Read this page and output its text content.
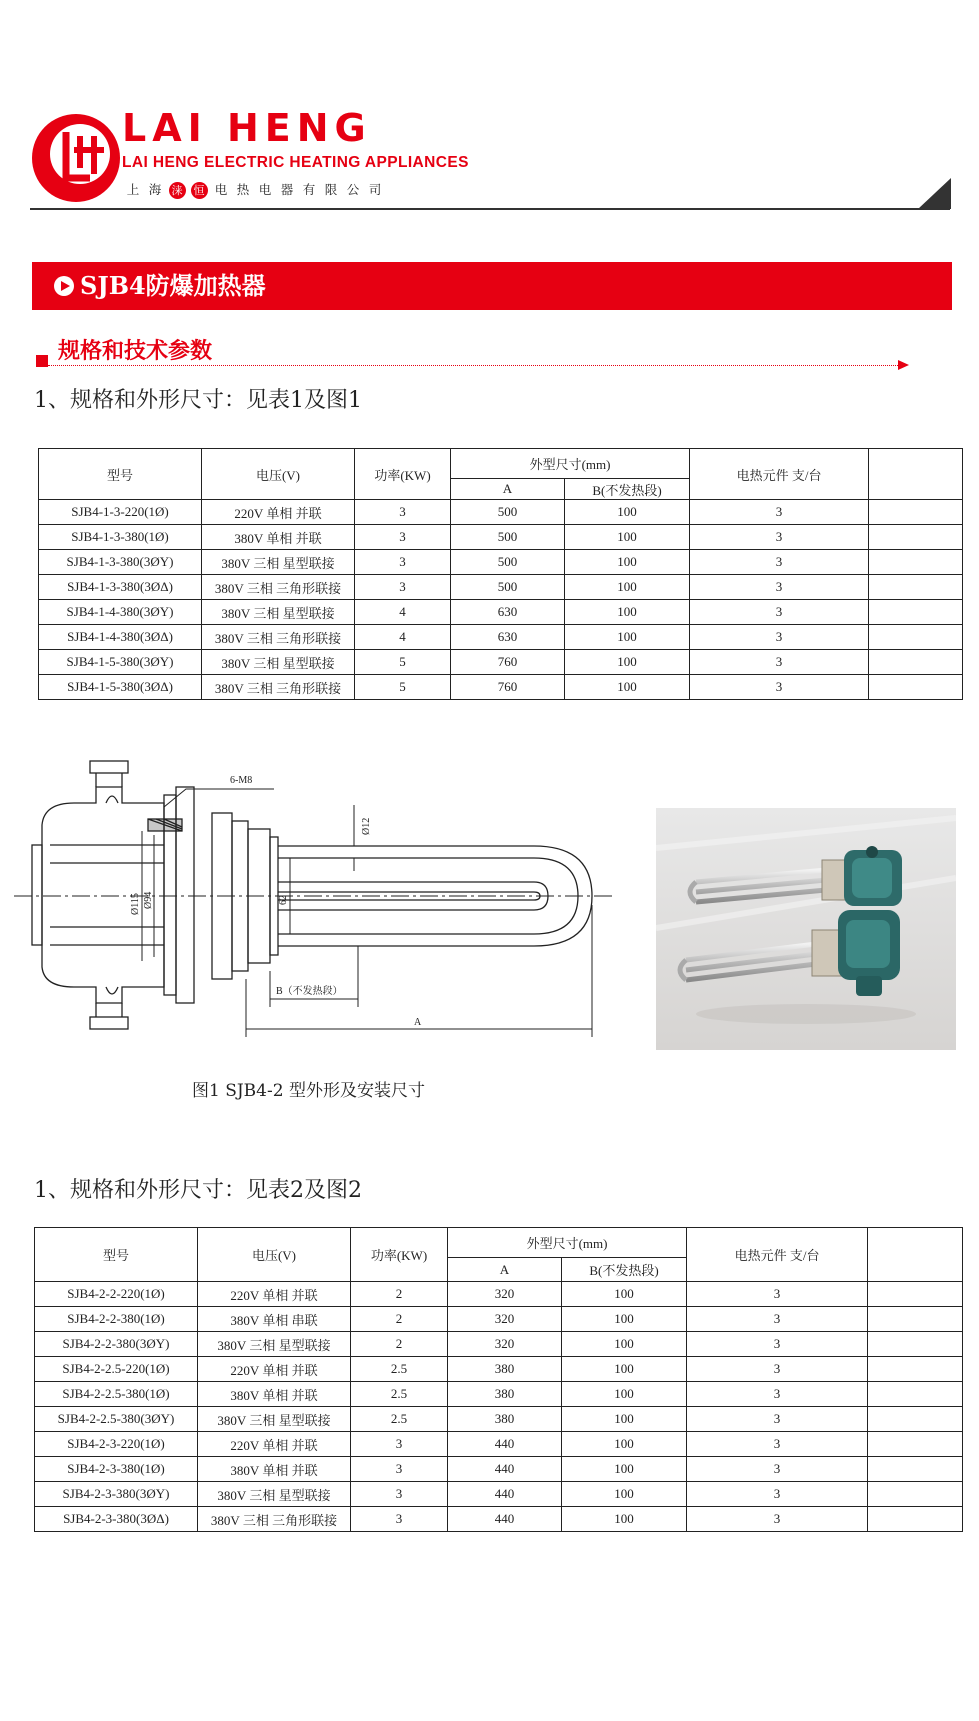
LAI HENG
LAI HENG ELECTRIC HEATING APPLIANCES
上 海 涞 恒 电 热 电 器 有 限 公 司
SJB4防爆加热器
规格和技术参数
1、规格和外形尺寸：见表1及图1
型号	电压(V)	功率(KW)	外型尺寸(mm)		电热元件 支/台	
			A	B(不发热段)		
SJB4-1-3-220(1Ø)	220V 单相 并联	3	500	100	3	
SJB4-1-3-380(1Ø)	380V 单相 并联	3	500	100	3	
SJB4-1-3-380(3ØY)	380V 三相 星型联接	3	500	100	3	
SJB4-1-3-380(3ØΔ)	380V 三相 三角形联接	3	500	100	3	
SJB4-1-4-380(3ØY)	380V 三相 星型联接	4	630	100	3	
SJB4-1-4-380(3ØΔ)	380V 三相 三角形联接	4	630	100	3	
SJB4-1-5-380(3ØY)	380V 三相 星型联接	5	760	100	3	
SJB4-1-5-380(3ØΔ)	380V 三相 三角形联接	5	760	100	3	
6-M8
Ø12
Ø115 Ø94	62
B（不发热段）
A
图1 SJB4-2 型外形及安装尺寸
1、规格和外形尺寸：见表2及图2
型号	电压(V)	功率(KW)	外型尺寸(mm)		电热元件 支/台	
			A	B(不发热段)		
SJB4-2-2-220(1Ø)	220V 单相 并联	2	320	100	3	
SJB4-2-2-380(1Ø)	380V 单相 串联	2	320	100	3	
SJB4-2-2-380(3ØY)	380V 三相 星型联接	2	320	100	3	
SJB4-2-2.5-220(1Ø)	220V 单相 并联	2.5	380	100	3	
SJB4-2-2.5-380(1Ø)	380V 单相 并联	2.5	380	100	3	
SJB4-2-2.5-380(3ØY)	380V 三相 星型联接	2.5	380	100	3	
SJB4-2-3-220(1Ø)	220V 单相 并联	3	440	100	3	
SJB4-2-3-380(1Ø)	380V 单相 并联	3	440	100	3	
SJB4-2-3-380(3ØY)	380V 三相 星型联接	3	440	100	3	
SJB4-2-3-380(3ØΔ)	380V 三相 三角形联接	3	440	100	3	
